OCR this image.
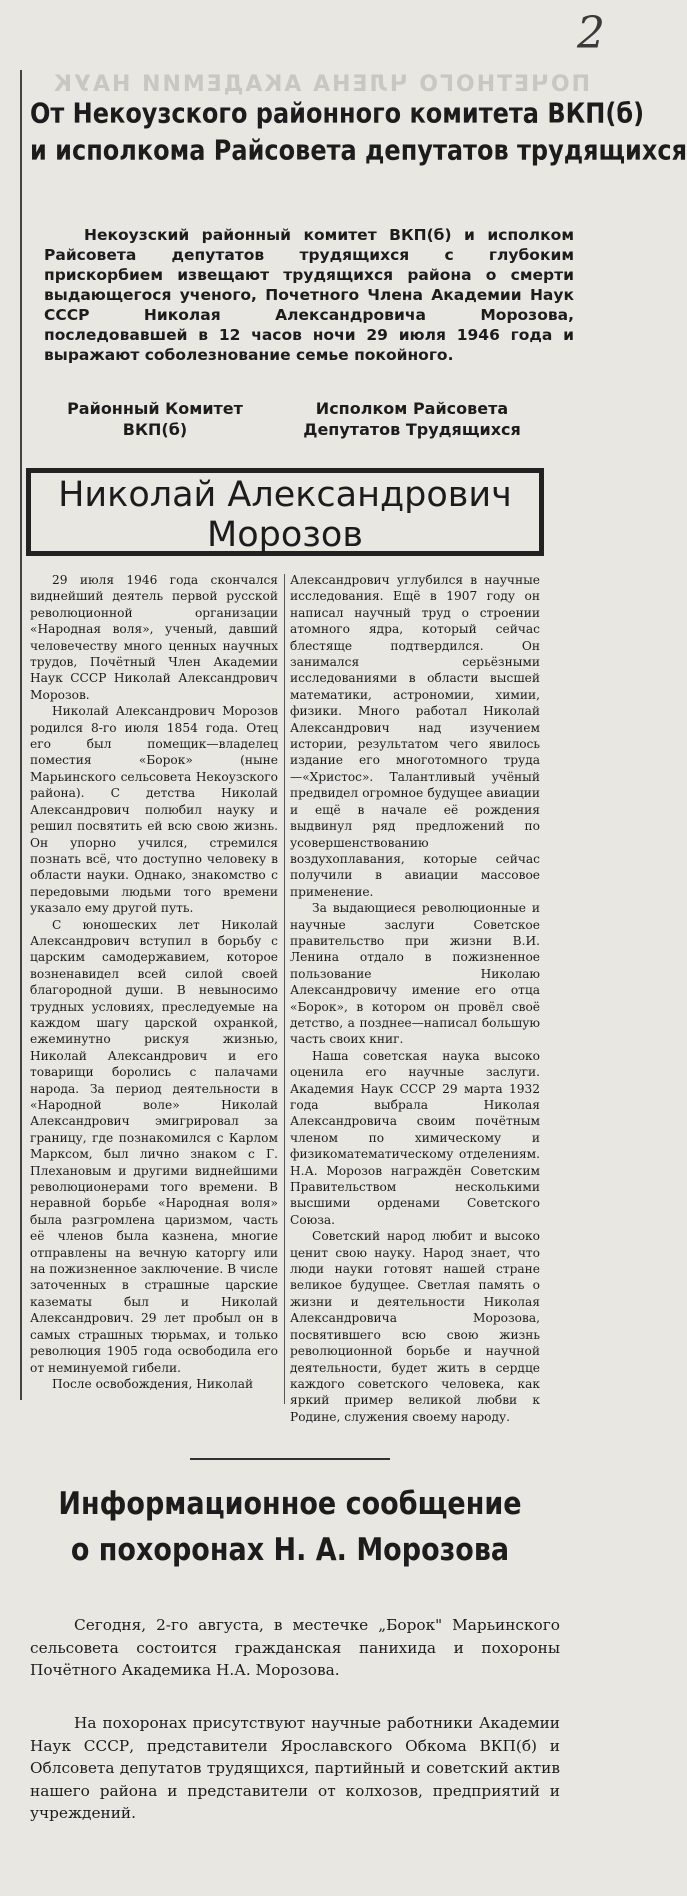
2
ПОЧЕТНОГО ЧЛЕНА АКАДЕМИИ НАУК
От Некоузского районного комитета ВКП(б)
и исполкома Райсовета депутатов трудящихся
Некоузский районный комитет ВКП(б) и исполком Райсовета депутатов трудящихся с глубоким прискорбием извещают трудящихся района о смерти выдающегося ученого, Почетного Члена Академии Наук СССР Николая Александровича Морозова, последовавшей в 12 часов ночи 29 июля 1946 года и выражают соболезнование семье покойного.
Районный Комитет
ВКП(б)
Исполком Райсовета
Депутатов Трудящихся
Николай Александрович
Морозов

29 июля 1946 года скончался виднейший деятель первой русской революционной организации «Народная воля», ученый, давший человечеству много ценных научных трудов, Почётный Член Академии Наук СССР Николай Александрович Морозов.

Николай Александрович Морозов родился 8-го июля 1854 года. Отец его был помещик—владелец поместия «Борок» (ныне Марьинского сельсовета Некоузского района). С детства Николай Александрович полюбил науку и решил посвятить ей всю свою жизнь. Он упорно учился, стремился познать всё, что доступно человеку в области науки. Однако, знакомство с передовыми людьми того времени указало ему другой путь.

С юношеских лет Николай Александрович вступил в борьбу с царским самодержавием, которое возненавидел всей силой своей благородной души. В невыносимо трудных условиях, преследуемые на каждом шагу царской охранкой, ежеминутно рискуя жизнью, Николай Александрович и его товарищи боролись с палачами народа. За период деятельности в «Народной воле» Николай Александрович эмигрировал за границу, где познакомился с Карлом Марксом, был лично знаком с Г. Плехановым и другими виднейшими революционерами того времени. В неравной борьбе «Народная воля» была разгромлена царизмом, часть её членов была казнена, многие отправлены на вечную каторгу или на пожизненное заключение. В числе заточенных в страшные царские казематы был и Николай Александрович. 29 лет пробыл он в самых страшных тюрьмах, и только революция 1905 года освободила его от неминуемой гибели.

После освобождения, Николай

Александрович углубился в научные исследования. Ещё в 1907 году он написал научный труд о строении атомного ядра, который сейчас блестяще подтвердился. Он занимался серьёзными исследованиями в области высшей математики, астрономии, химии, физики. Много работал Николай Александрович над изучением истории, результатом чего явилось издание его многотомного труда—«Христос». Талантливый учёный предвидел огромное будущее авиации и ещё в начале её рождения выдвинул ряд предложений по усовершенствованию воздухоплавания, которые сейчас получили в авиации массовое применение.

За выдающиеся революционные и научные заслуги Советское правительство при жизни В.И. Ленина отдало в пожизненное пользование Николаю Александровичу имение его отца «Борок», в котором он провёл своё детство, а позднее—написал большую часть своих книг.

Наша советская наука высоко оценила его научные заслуги. Академия Наук СССР 29 марта 1932 года выбрала Николая Александровича своим почётным членом по химическому и физикоматематическому отделениям. Н.А. Морозов награждён Советским Правительством несколькими высшими орденами Советского Союза.

Советский народ любит и высоко ценит свою науку. Народ знает, что люди науки готовят нашей стране великое будущее. Светлая память о жизни и деятельности Николая Александровича Морозова, посвятившего всю свою жизнь революционной борьбе и научной деятельности, будет жить в сердце каждого советского человека, как яркий пример великой любви к Родине, служения своему народу.

Информационное сообщение
о похоронах Н. А. Морозова
Сегодня, 2-го августа, в местечке „Борок" Марьинского сельсовета состоится гражданская панихида и похороны Почётного Академика Н.А. Морозова.
На похоронах присутствуют научные работники Академии Наук СССР, представители Ярославского Обкома ВКП(б) и Облсовета депутатов трудящихся, партийный и советский актив нашего района и представители от колхозов, предприятий и учреждений.
